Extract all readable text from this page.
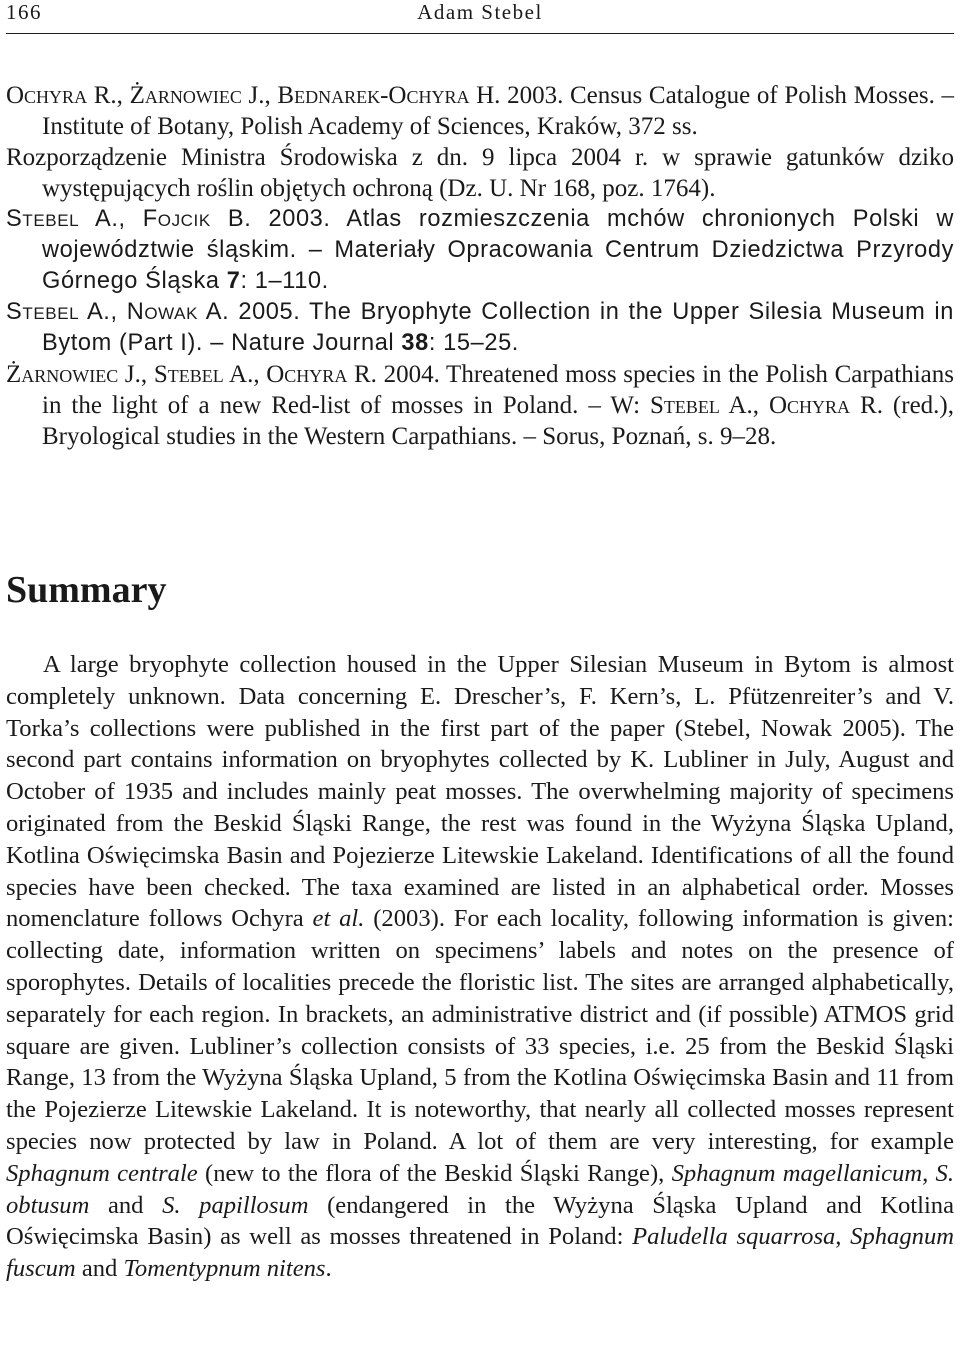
166	Adam Stebel
Ochyra R., Żarnowiec J., Bednarek-Ochyra H. 2003. Census Catalogue of Polish Mosses. – Institute of Botany, Polish Academy of Sciences, Kraków, 372 ss.
Rozporządzenie Ministra Środowiska z dn. 9 lipca 2004 r. w sprawie gatunków dziko występujących roślin objętych ochroną (Dz. U. Nr 168, poz. 1764).
Stebel A., Fojcik B. 2003. Atlas rozmieszczenia mchów chronionych Polski w województwie śląskim. – Materiały Opracowania Centrum Dziedzictwa Przyrody Górnego Śląska 7: 1–110.
Stebel A., Nowak A. 2005. The Bryophyte Collection in the Upper Silesia Museum in Bytom (Part I). – Nature Journal 38: 15–25.
Żarnowiec J., Stebel A., Ochyra R. 2004. Threatened moss species in the Polish Carpathians in the light of a new Red-list of mosses in Poland. – W: Stebel A., Ochyra R. (red.), Bryological studies in the Western Carpathians. – Sorus, Poznań, s. 9–28.
Summary

A large bryophyte collection housed in the Upper Silesian Museum in Bytom is almost completely unknown. Data concerning E. Drescher’s, F. Kern’s, L. Pfützenreiter’s and V. Torka’s collections were published in the first part of the paper (Stebel, Nowak 2005). The second part contains information on bryophytes collected by K. Lubliner in July, August and October of 1935 and includes mainly peat mosses. The overwhelming majority of specimens originated from the Beskid Śląski Range, the rest was found in the Wyżyna Śląska Upland, Kotlina Oświęcimska Basin and Pojezierze Litewskie Lakeland. Identifications of all the found species have been checked. The taxa examined are listed in an alphabetical order. Mosses nomenclature follows Ochyra et al. (2003). For each locality, following information is given: collecting date, information written on specimens’ labels and notes on the presence of sporophytes. Details of localities precede the floristic list. The sites are arranged alphabetically, separately for each region. In brackets, an administrative district and (if possible) ATMOS grid square are given. Lubliner’s collection consists of 33 species, i.e. 25 from the Beskid Śląski Range, 13 from the Wyżyna Śląska Upland, 5 from the Kotlina Oświęcimska Basin and 11 from the Pojezierze Litewskie Lakeland. It is noteworthy, that nearly all collected mosses represent species now protected by law in Poland. A lot of them are very interesting, for example Sphagnum centrale (new to the flora of the Beskid Śląski Range), Sphagnum magellanicum, S. obtusum and S. papillosum (endangered in the Wyżyna Śląska Upland and Kotlina Oświęcimska Basin) as well as mosses threatened in Poland: Paludella squarrosa, Sphagnum fuscum and Tomentypnum nitens.
